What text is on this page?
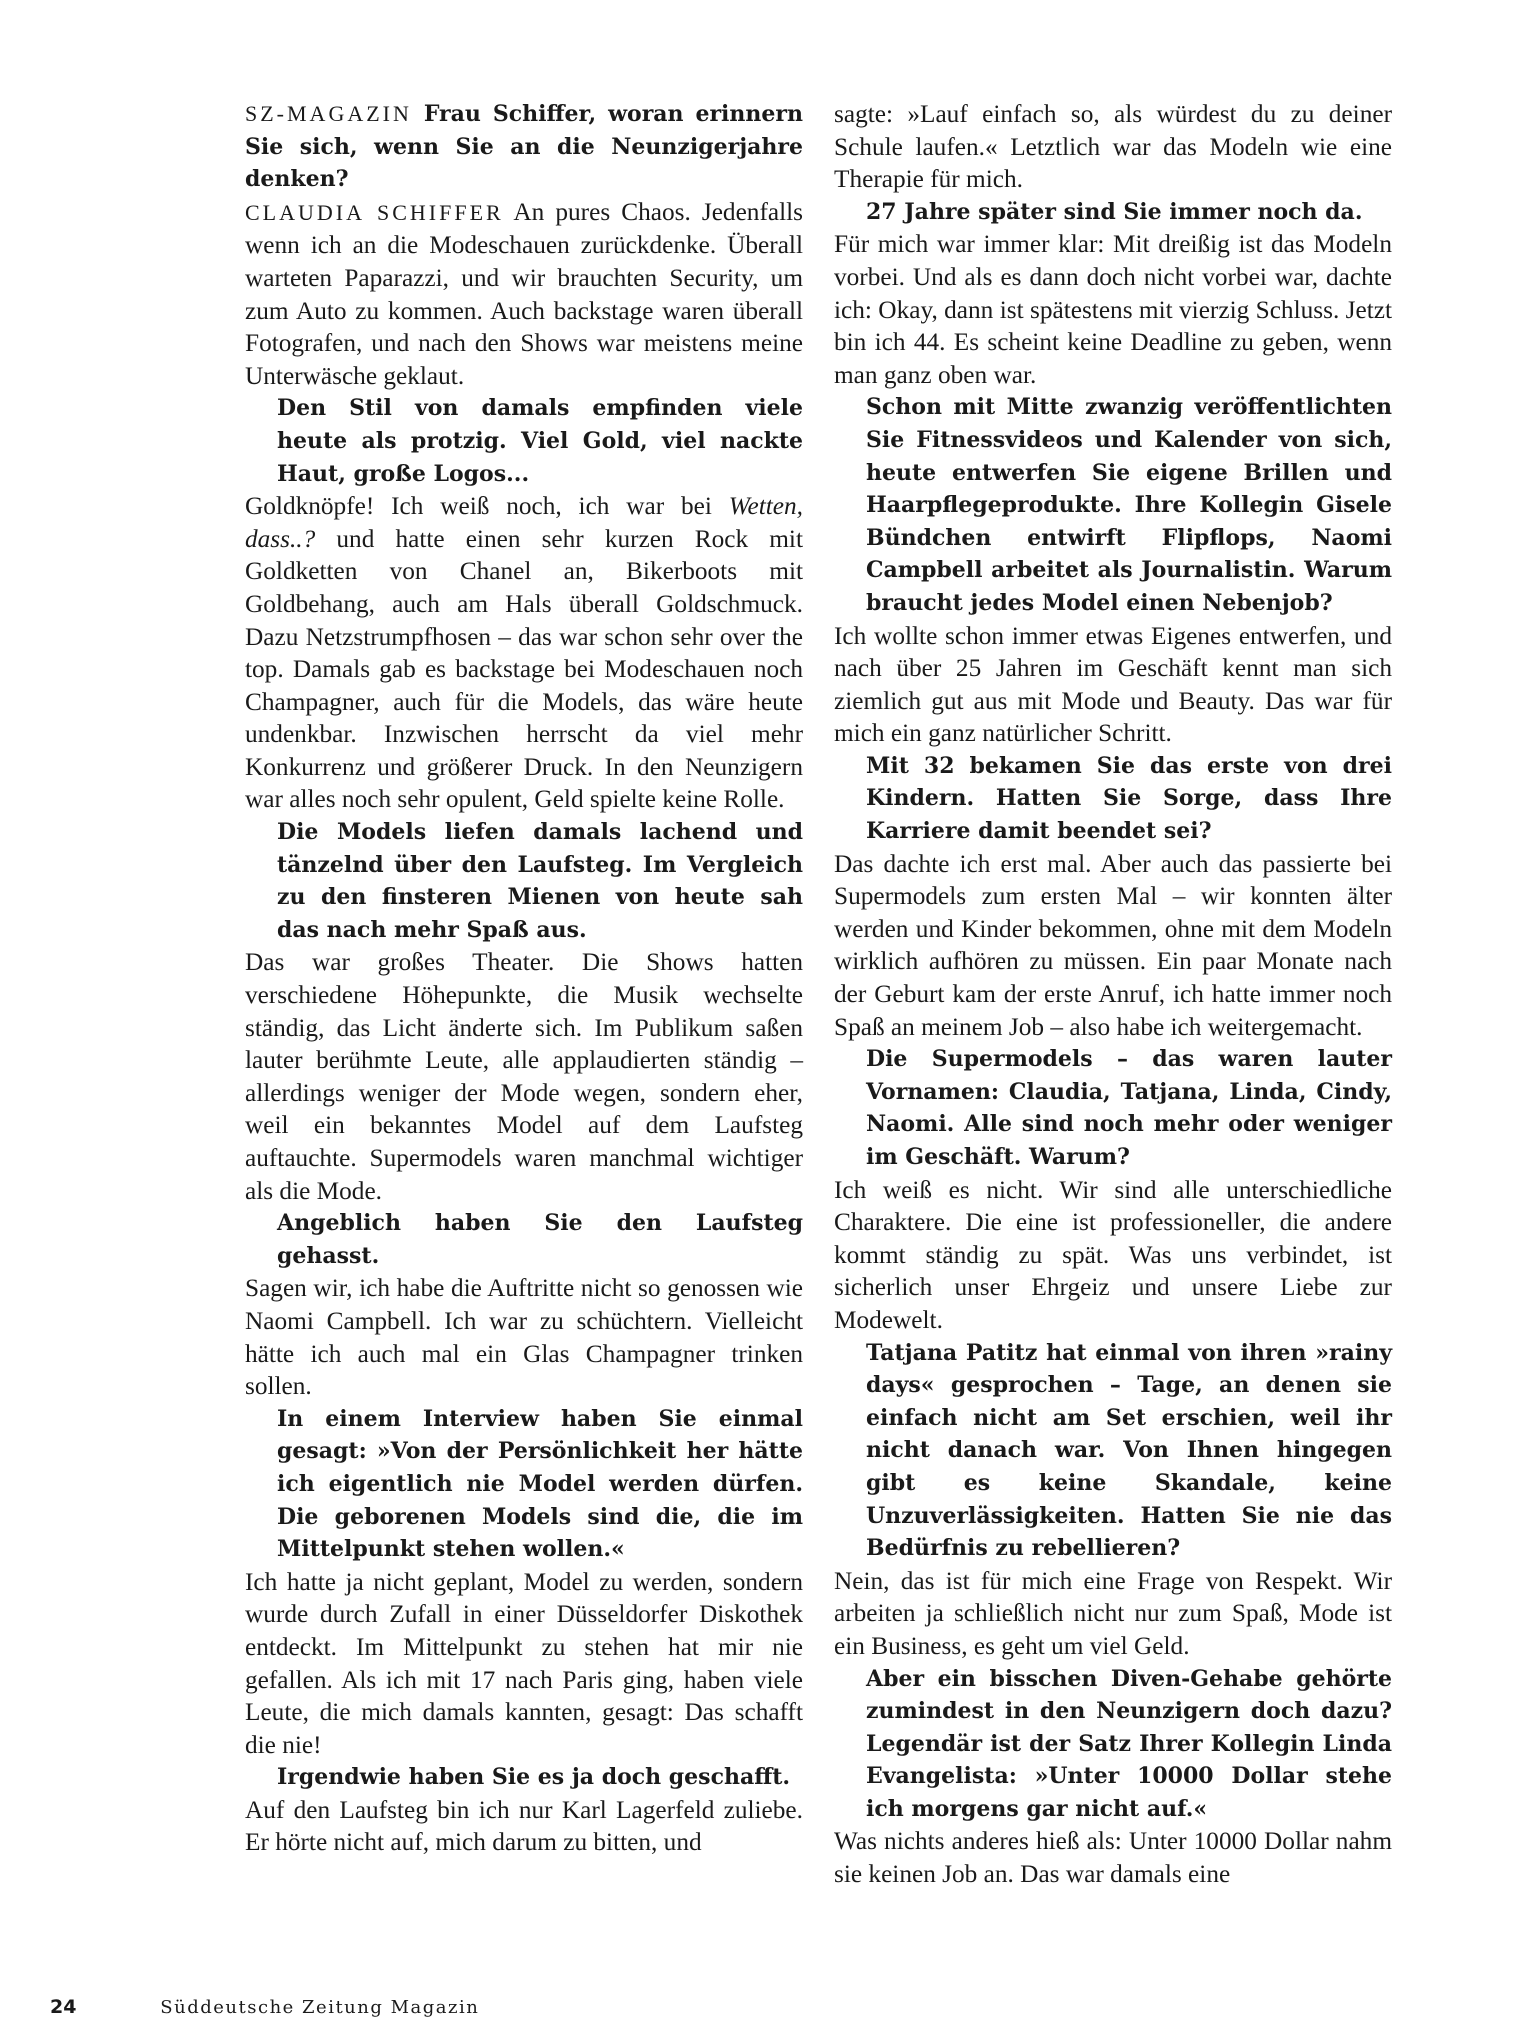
SZ-MAGAZIN Frau Schiffer, woran erinnern Sie sich, wenn Sie an die Neunzigerjahre denken?

CLAUDIA SCHIFFER An pures Chaos. Jedenfalls wenn ich an die Modeschauen zurückdenke. Überall warteten Paparazzi, und wir brauchten Security, um zum Auto zu kommen. Auch backstage waren überall Fotografen, und nach den Shows war meistens meine Unterwäsche geklaut.

Den Stil von damals empfinden viele heute als protzig. Viel Gold, viel nackte Haut, große Logos...

Goldknöpfe! Ich weiß noch, ich war bei Wetten, dass..? und hatte einen sehr kurzen Rock mit Goldketten von Chanel an, Bikerboots mit Goldbehang, auch am Hals überall Goldschmuck. Dazu Netzstrumpfhosen – das war schon sehr over the top. Damals gab es backstage bei Modeschauen noch Champagner, auch für die Models, das wäre heute undenkbar. Inzwischen herrscht da viel mehr Konkurrenz und größerer Druck. In den Neunzigern war alles noch sehr opulent, Geld spielte keine Rolle.

Die Models liefen damals lachend und tänzelnd über den Laufsteg. Im Vergleich zu den finsteren Mienen von heute sah das nach mehr Spaß aus.

Das war großes Theater. Die Shows hatten verschiedene Höhepunkte, die Musik wechselte ständig, das Licht änderte sich. Im Publikum saßen lauter berühmte Leute, alle applaudierten ständig – allerdings weniger der Mode wegen, sondern eher, weil ein bekanntes Model auf dem Laufsteg auftauchte. Supermodels waren manchmal wichtiger als die Mode.

Angeblich haben Sie den Laufsteg gehasst.

Sagen wir, ich habe die Auftritte nicht so genossen wie Naomi Campbell. Ich war zu schüchtern. Vielleicht hätte ich auch mal ein Glas Champagner trinken sollen.

In einem Interview haben Sie einmal gesagt: »Von der Persönlichkeit her hätte ich eigentlich nie Model werden dürfen. Die geborenen Models sind die, die im Mittelpunkt stehen wollen.«

Ich hatte ja nicht geplant, Model zu werden, sondern wurde durch Zufall in einer Düsseldorfer Diskothek entdeckt. Im Mittelpunkt zu stehen hat mir nie gefallen. Als ich mit 17 nach Paris ging, haben viele Leute, die mich damals kannten, gesagt: Das schafft die nie!

Irgendwie haben Sie es ja doch geschafft.

Auf den Laufsteg bin ich nur Karl Lagerfeld zuliebe. Er hörte nicht auf, mich darum zu bitten, und

sagte: »Lauf einfach so, als würdest du zu deiner Schule laufen.« Letztlich war das Modeln wie eine Therapie für mich.

27 Jahre später sind Sie immer noch da.

Für mich war immer klar: Mit dreißig ist das Modeln vorbei. Und als es dann doch nicht vorbei war, dachte ich: Okay, dann ist spätestens mit vierzig Schluss. Jetzt bin ich 44. Es scheint keine Deadline zu geben, wenn man ganz oben war.

Schon mit Mitte zwanzig veröffentlichten Sie Fitnessvideos und Kalender von sich, heute entwerfen Sie eigene Brillen und Haarpflegeprodukte. Ihre Kollegin Gisele Bündchen entwirft Flipflops, Naomi Campbell arbeitet als Journalistin. Warum braucht jedes Model einen Nebenjob?

Ich wollte schon immer etwas Eigenes entwerfen, und nach über 25 Jahren im Geschäft kennt man sich ziemlich gut aus mit Mode und Beauty. Das war für mich ein ganz natürlicher Schritt.

Mit 32 bekamen Sie das erste von drei Kindern. Hatten Sie Sorge, dass Ihre Karriere damit beendet sei?

Das dachte ich erst mal. Aber auch das passierte bei Supermodels zum ersten Mal – wir konnten älter werden und Kinder bekommen, ohne mit dem Modeln wirklich aufhören zu müssen. Ein paar Monate nach der Geburt kam der erste Anruf, ich hatte immer noch Spaß an meinem Job – also habe ich weitergemacht.

Die Supermodels – das waren lauter Vornamen: Claudia, Tatjana, Linda, Cindy, Naomi. Alle sind noch mehr oder weniger im Geschäft. Warum?

Ich weiß es nicht. Wir sind alle unterschiedliche Charaktere. Die eine ist professioneller, die andere kommt ständig zu spät. Was uns verbindet, ist sicherlich unser Ehrgeiz und unsere Liebe zur Modewelt.

Tatjana Patitz hat einmal von ihren »rainy days« gesprochen – Tage, an denen sie einfach nicht am Set erschien, weil ihr nicht danach war. Von Ihnen hingegen gibt es keine Skandale, keine Unzuverlässigkeiten. Hatten Sie nie das Bedürfnis zu rebellieren?

Nein, das ist für mich eine Frage von Respekt. Wir arbeiten ja schließlich nicht nur zum Spaß, Mode ist ein Business, es geht um viel Geld.

Aber ein bisschen Diven-Gehabe gehörte zumindest in den Neunzigern doch dazu? Legendär ist der Satz Ihrer Kollegin Linda Evangelista: »Unter 10000 Dollar stehe ich morgens gar nicht auf.«

Was nichts anderes hieß als: Unter 10000 Dollar nahm sie keinen Job an. Das war damals eine

24	Süddeutsche Zeitung Magazin
